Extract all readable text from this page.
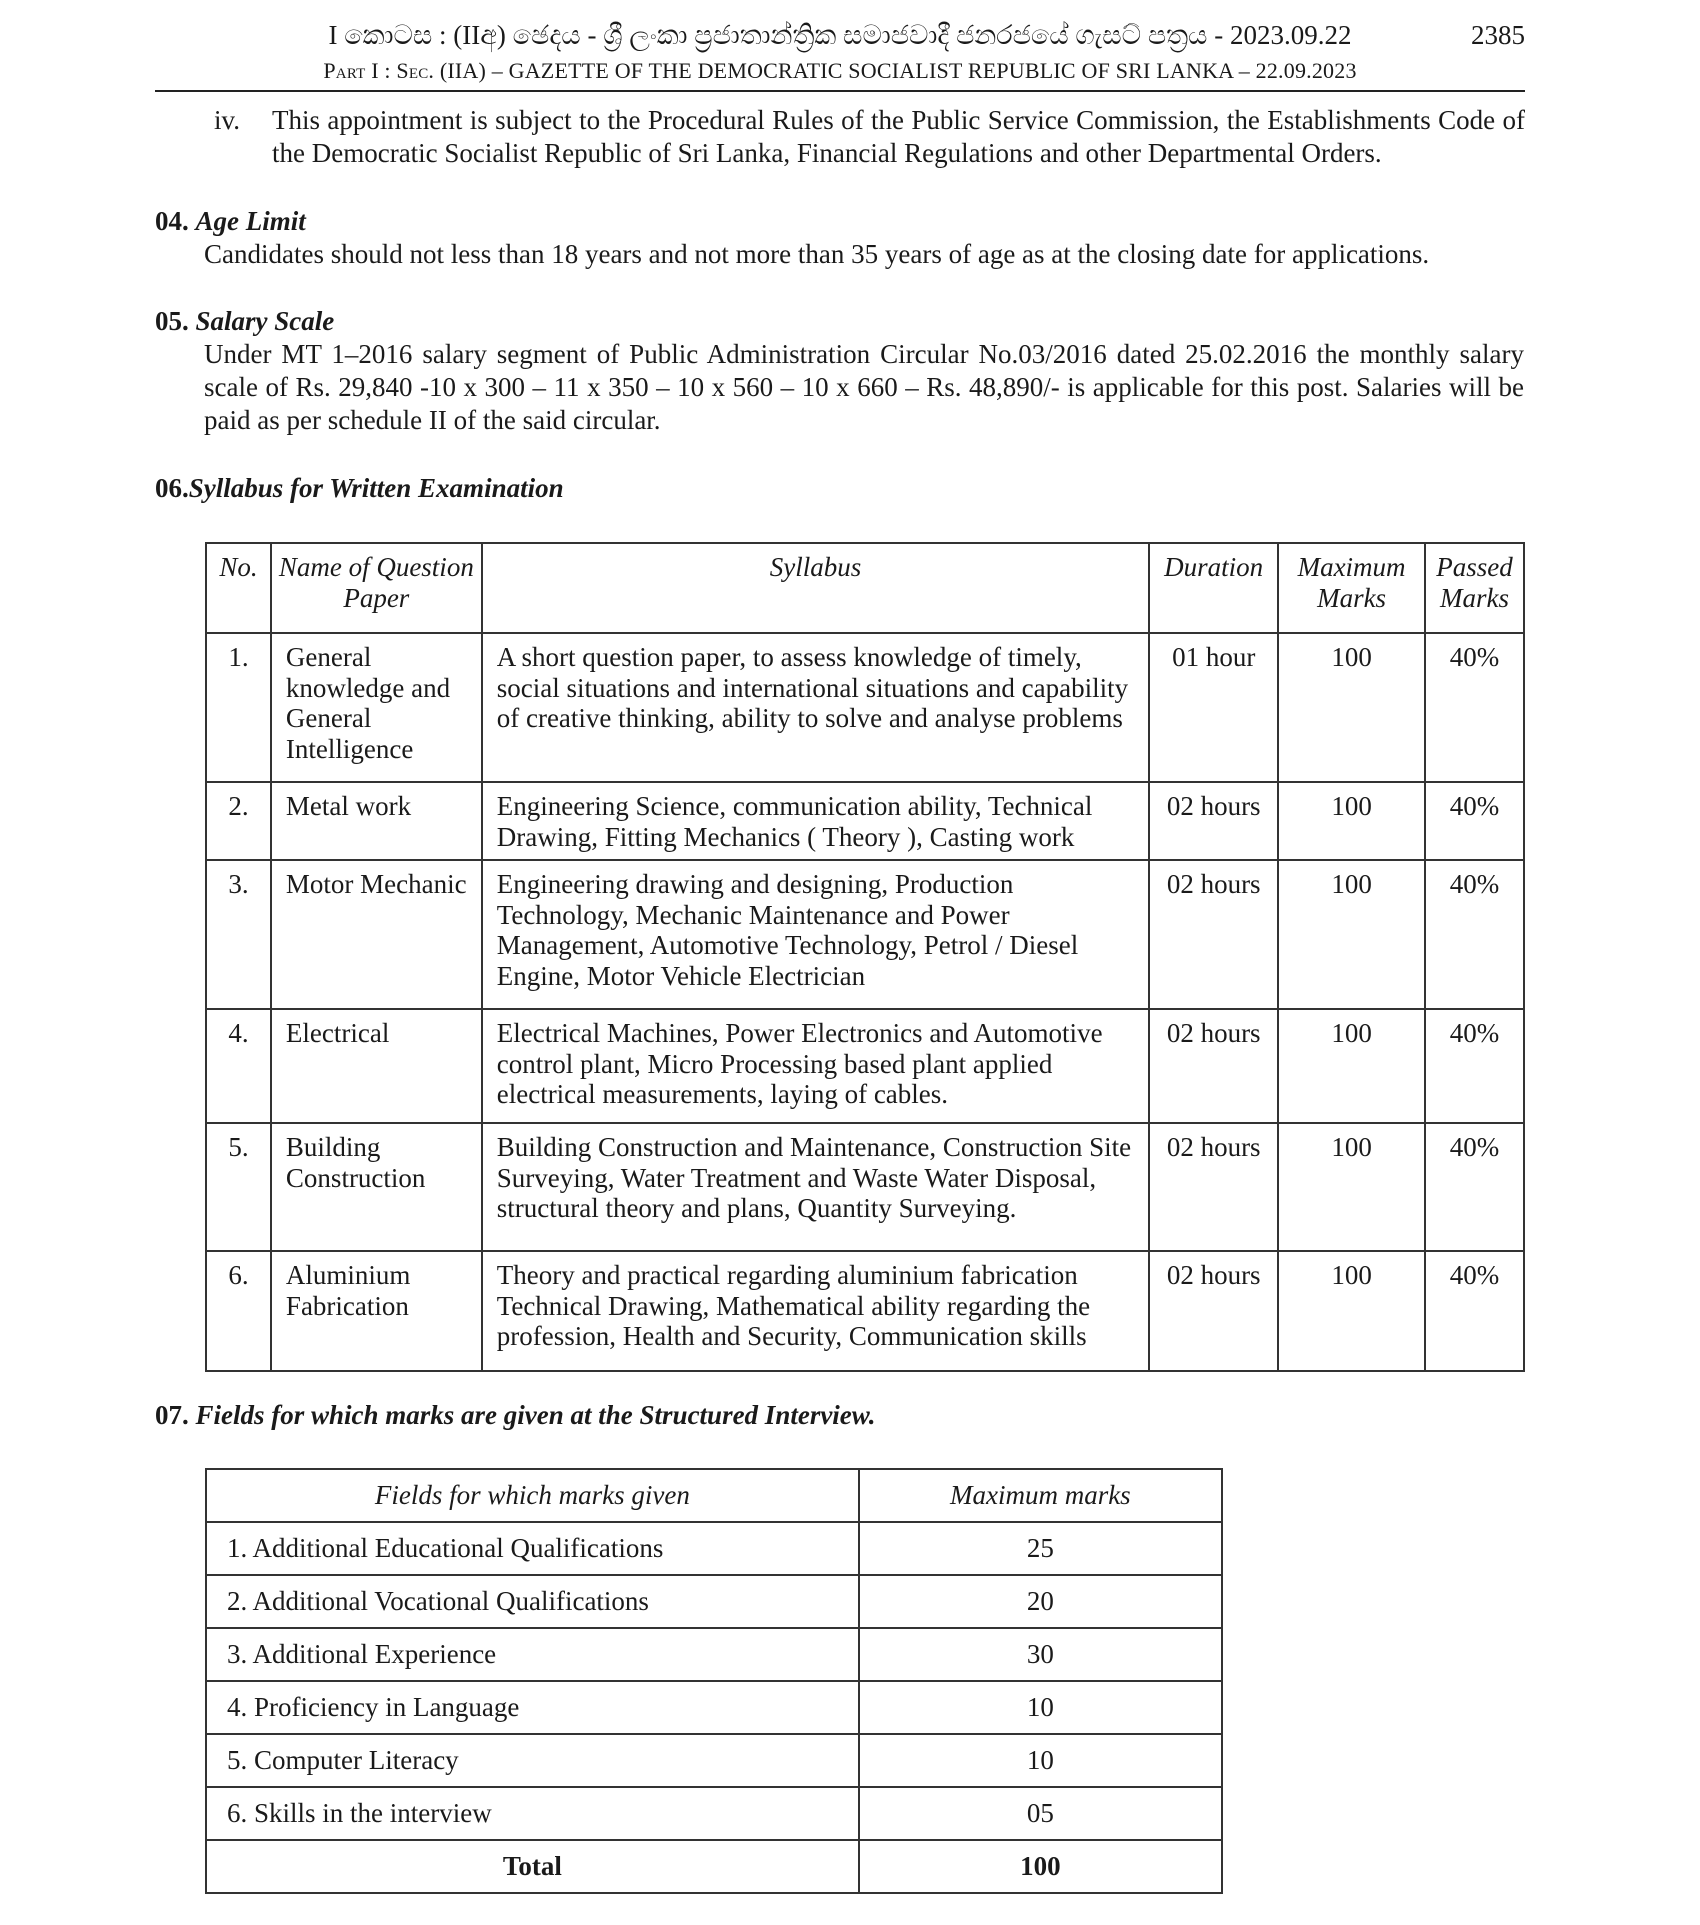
I කොටස : (IIඅ) ඡෙදය - ශ්‍රී ලංකා ප්‍රජාතාන්ත්‍රික සමාජවාදී ජනරජයේ ගැසට් පත්‍රය - 2023.09.22	2385
Part I : Sec. (IIA) – GAZETTE OF THE DEMOCRATIC SOCIALIST REPUBLIC OF SRI LANKA – 22.09.2023
iv. This appointment is subject to the Procedural Rules of the Public Service Commission, the Establishments Code of the Democratic Socialist Republic of Sri Lanka, Financial Regulations and other Departmental Orders.
04. Age Limit
Candidates should not less than 18 years and not more than 35 years of age as at the closing date for applications.
05. Salary Scale
Under MT 1–2016 salary segment of Public Administration Circular No.03/2016 dated 25.02.2016 the monthly salary scale of Rs. 29,840 -10 x 300 – 11 x 350 – 10 x 560 – 10 x 660 – Rs. 48,890/- is applicable for this post. Salaries will be paid as per schedule II of the said circular.
06.Syllabus for Written Examination
No.	Name of Question Paper	Syllabus	Duration	Maximum Marks	Passed Marks
1.	General knowledge and General Intelligence	A short question paper, to assess knowledge of timely, social situations and international situations and capability of creative thinking, ability to solve and analyse problems	01 hour	100	40%
2.	Metal work	Engineering Science, communication ability, Technical Drawing, Fitting Mechanics ( Theory ), Casting work	02 hours	100	40%
3.	Motor Mechanic	Engineering drawing and designing, Production Technology, Mechanic Maintenance and Power Management, Automotive Technology, Petrol / Diesel Engine, Motor Vehicle Electrician	02 hours	100	40%
4.	Electrical	Electrical Machines, Power Electronics and Automotive control plant, Micro Processing based plant applied electrical measurements, laying of cables.	02 hours	100	40%
5.	Building Construction	Building Construction and Maintenance, Construction Site Surveying, Water Treatment and Waste Water Disposal, structural theory and plans, Quantity Surveying.	02 hours	100	40%
6.	Aluminium Fabrication	Theory and practical regarding aluminium fabrication Technical Drawing, Mathematical ability regarding the profession, Health and Security, Communication skills	02 hours	100	40%
07. Fields for which marks are given at the Structured Interview.
Fields for which marks given	Maximum marks
1. Additional Educational Qualifications	25
2. Additional Vocational Qualifications	20
3. Additional Experience	30
4. Proficiency in Language	10
5. Computer Literacy	10
6. Skills in the interview	05
Total	100
